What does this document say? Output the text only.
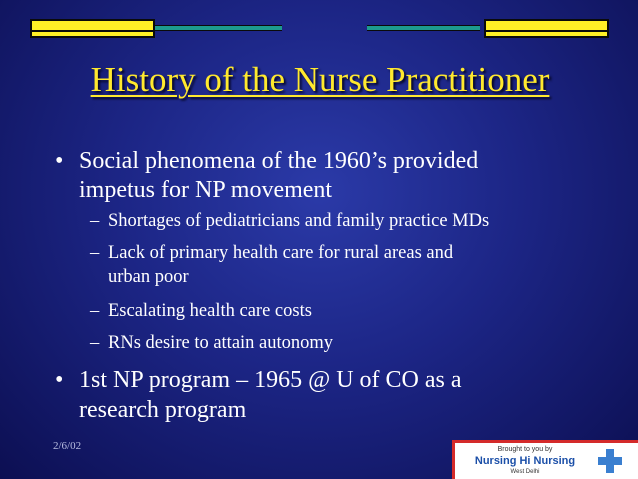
History of the Nurse Practitioner
• Social phenomena of the 1960’s provided
impetus for NP movement
– Shortages of pediatricians and family practice MDs
– Lack of primary health care for rural areas and
urban poor
– Escalating health care costs
– RNs desire to attain autonomy
• 1st NP program – 1965 @ U of CO as a
research program
2/6/02	Brought to you by
Nursing Hi Nursing
West Delhi
